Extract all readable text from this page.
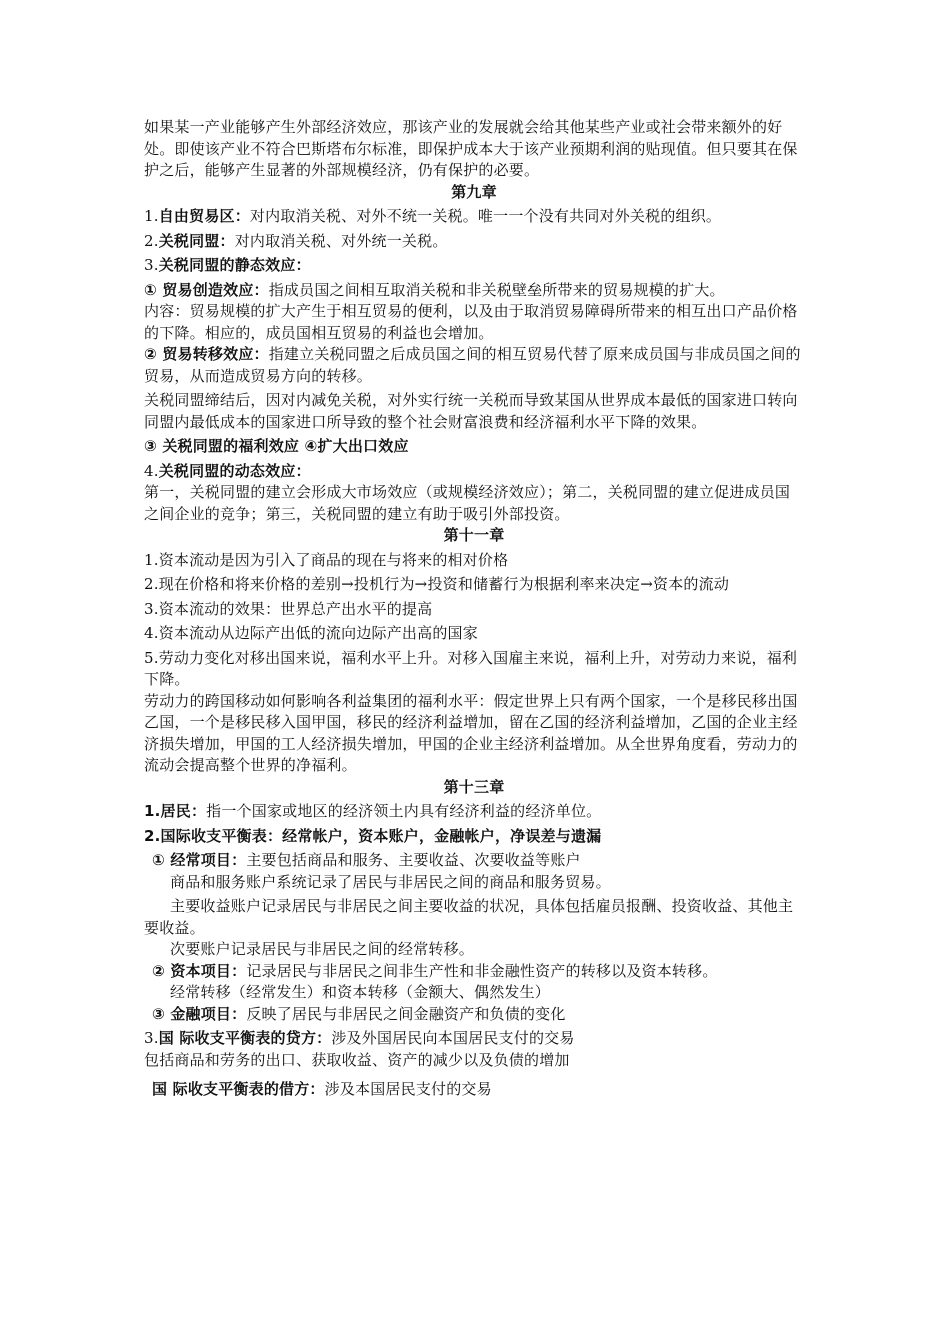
如果某一产业能够产生外部经济效应，那该产业的发展就会给其他某些产业或社会带来额外的好处。即使该产业不符合巴斯塔布尔标准，即保护成本大于该产业预期利润的贴现值。但只要其在保护之后，能够产生显著的外部规模经济，仍有保护的必要。

第九章

1.自由贸易区：对内取消关税、对外不统一关税。唯一一个没有共同对外关税的组织。

2.关税同盟：对内取消关税、对外统一关税。

3.关税同盟的静态效应：

① 贸易创造效应：指成员国之间相互取消关税和非关税壁垒所带来的贸易规模的扩大。

内容：贸易规模的扩大产生于相互贸易的便利，以及由于取消贸易障碍所带来的相互出口产品价格的下降。相应的，成员国相互贸易的利益也会增加。

② 贸易转移效应：指建立关税同盟之后成员国之间的相互贸易代替了原来成员国与非成员国之间的贸易，从而造成贸易方向的转移。

关税同盟缔结后，因对内减免关税，对外实行统一关税而导致某国从世界成本最低的国家进口转向同盟内最低成本的国家进口所导致的整个社会财富浪费和经济福利水平下降的效果。

③ 关税同盟的福利效应 ④扩大出口效应

4.关税同盟的动态效应：

第一，关税同盟的建立会形成大市场效应（或规模经济效应）；第二，关税同盟的建立促进成员国之间企业的竞争；第三，关税同盟的建立有助于吸引外部投资。

第十一章

1.资本流动是因为引入了商品的现在与将来的相对价格

2.现在价格和将来价格的差别→投机行为→投资和储蓄行为根据利率来决定→资本的流动

3.资本流动的效果：世界总产出水平的提高

4.资本流动从边际产出低的流向边际产出高的国家

5.劳动力变化对移出国来说，福利水平上升。对移入国雇主来说，福利上升，对劳动力来说，福利下降。

劳动力的跨国移动如何影响各利益集团的福利水平：假定世界上只有两个国家，一个是移民移出国乙国，一个是移民移入国甲国，移民的经济利益增加，留在乙国的经济利益增加，乙国的企业主经济损失增加，甲国的工人经济损失增加，甲国的企业主经济利益增加。从全世界角度看，劳动力的流动会提高整个世界的净福利。

第十三章

1.居民：指一个国家或地区的经济领土内具有经济利益的经济单位。

2.国际收支平衡表：经常帐户，资本账户，金融帐户，净误差与遗漏

① 经常项目：主要包括商品和服务、主要收益、次要收益等账户

商品和服务账户系统记录了居民与非居民之间的商品和服务贸易。

主要收益账户记录居民与非居民之间主要收益的状况，具体包括雇员报酬、投资收益、其他主要收益。

次要账户记录居民与非居民之间的经常转移。

② 资本项目：记录居民与非居民之间非生产性和非金融性资产的转移以及资本转移。

经常转移（经常发生）和资本转移（金额大、偶然发生）

③ 金融项目：反映了居民与非居民之间金融资产和负债的变化

3.国 际收支平衡表的贷方：涉及外国居民向本国居民支付的交易

包括商品和劳务的出口、获取收益、资产的减少以及负债的增加

国 际收支平衡表的借方：涉及本国居民支付的交易
